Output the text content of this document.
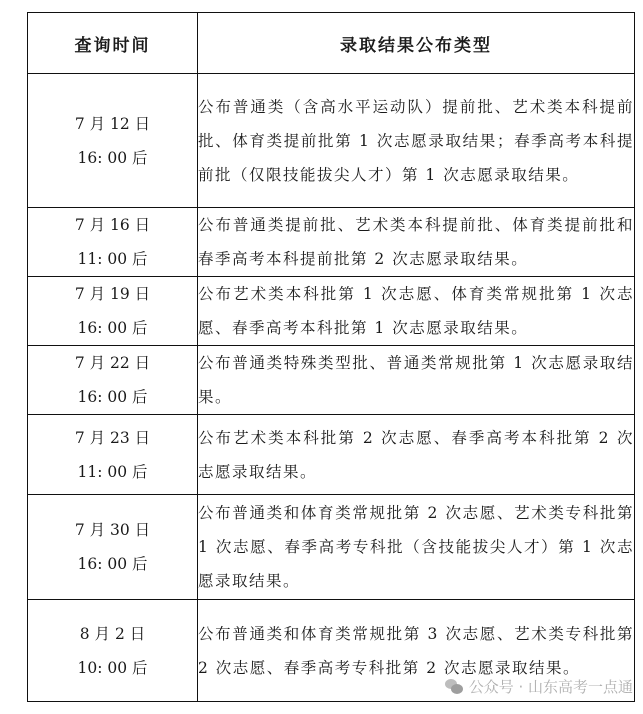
查询时间	录取结果公布类型

7 月 12 日
16: 00 后	公布普通类（含高水平运动队）提前批、艺术类本科提前批、体育类提前批第 1 次志愿录取结果；春季高考本科提前批（仅限技能拔尖人才）第 1 次志愿录取结果。

7 月 16 日
11: 00 后	公布普通类提前批、艺术类本科提前批、体育类提前批和春季高考本科提前批第 2 次志愿录取结果。

7 月 19 日
16: 00 后	公布艺术类本科批第 1 次志愿、体育类常规批第 1 次志愿、春季高考本科批第 1 次志愿录取结果。

7 月 22 日
16: 00 后	公布普通类特殊类型批、普通类常规批第 1 次志愿录取结果。

7 月 23 日
11: 00 后	公布艺术类本科批第 2 次志愿、春季高考本科批第 2 次志愿录取结果。

7 月 30 日
16: 00 后	公布普通类和体育类常规批第 2 次志愿、艺术类专科批第 1 次志愿、春季高考专科批（含技能拔尖人才）第 1 次志愿录取结果。

8 月 2 日
10: 00 后	公布普通类和体育类常规批第 3 次志愿、艺术类专科批第 2 次志愿、春季高考专科批第 2 次志愿录取结果。
公众号 · 山东高考一点通
